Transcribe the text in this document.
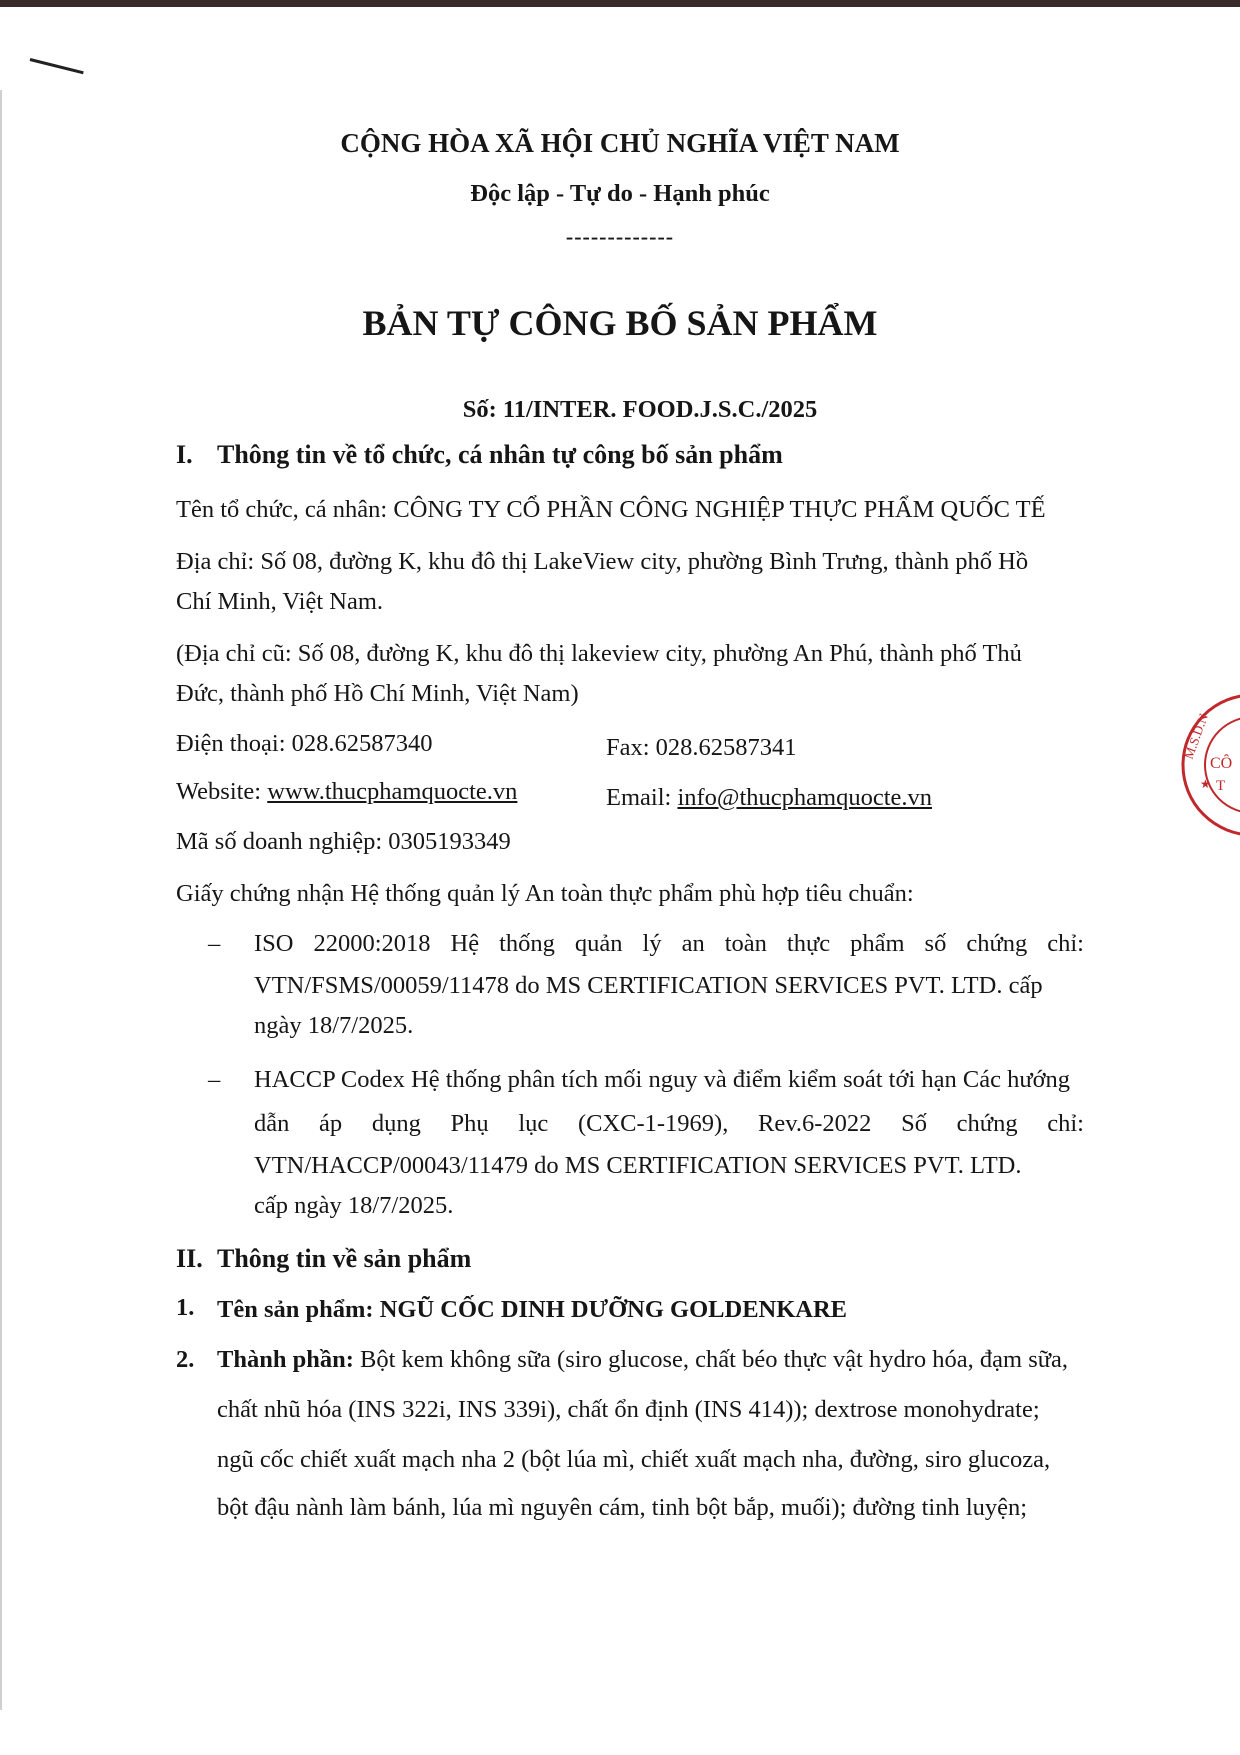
CỘNG HÒA XÃ HỘI CHỦ NGHĨA VIỆT NAM
Độc lập - Tự do - Hạnh phúc
-------------
BẢN TỰ CÔNG BỐ SẢN PHẨM
Số: 11/INTER. FOOD.J.S.C./2025
I. Thông tin về tổ chức, cá nhân tự công bố sản phẩm
Tên tổ chức, cá nhân: CÔNG TY CỔ PHẦN CÔNG NGHIỆP THỰC PHẨM QUỐC TẾ
Địa chỉ: Số 08, đường K, khu đô thị LakeView city, phường Bình Trưng, thành phố Hồ
Chí Minh, Việt Nam.
(Địa chỉ cũ: Số 08, đường K, khu đô thị lakeview city, phường An Phú, thành phố Thủ
Đức, thành phố Hồ Chí Minh, Việt Nam)
Điện thoại: 028.62587340	Fax: 028.62587341
Website: www.thucphamquocte.vn	Email: info@thucphamquocte.vn
Mã số doanh nghiệp: 0305193349
Giấy chứng nhận Hệ thống quản lý An toàn thực phẩm phù hợp tiêu chuẩn:
– ISO 22000:2018 Hệ thống quản lý an toàn thực phẩm số chứng chỉ:
VTN/FSMS/00059/11478 do MS CERTIFICATION SERVICES PVT. LTD. cấp
ngày 18/7/2025.
– HACCP Codex Hệ thống phân tích mối nguy và điểm kiểm soát tới hạn Các hướng
dẫn áp dụng Phụ lục (CXC-1-1969), Rev.6-2022 Số chứng chỉ:
VTN/HACCP/00043/11479 do MS CERTIFICATION SERVICES PVT. LTD.
cấp ngày 18/7/2025.
II. Thông tin về sản phẩm
1. Tên sản phẩm: NGŨ CỐC DINH DƯỠNG GOLDENKARE
2. Thành phần: Bột kem không sữa (siro glucose, chất béo thực vật hydro hóa, đạm sữa,
chất nhũ hóa (INS 322i, INS 339i), chất ổn định (INS 414)); dextrose monohydrate;
ngũ cốc chiết xuất mạch nha 2 (bột lúa mì, chiết xuất mạch nha, đường, siro glucoza,
bột đậu nành làm bánh, lúa mì nguyên cám, tinh bột bắp, muối); đường tinh luyện;
M.S.D.N
CÔ
T
★
